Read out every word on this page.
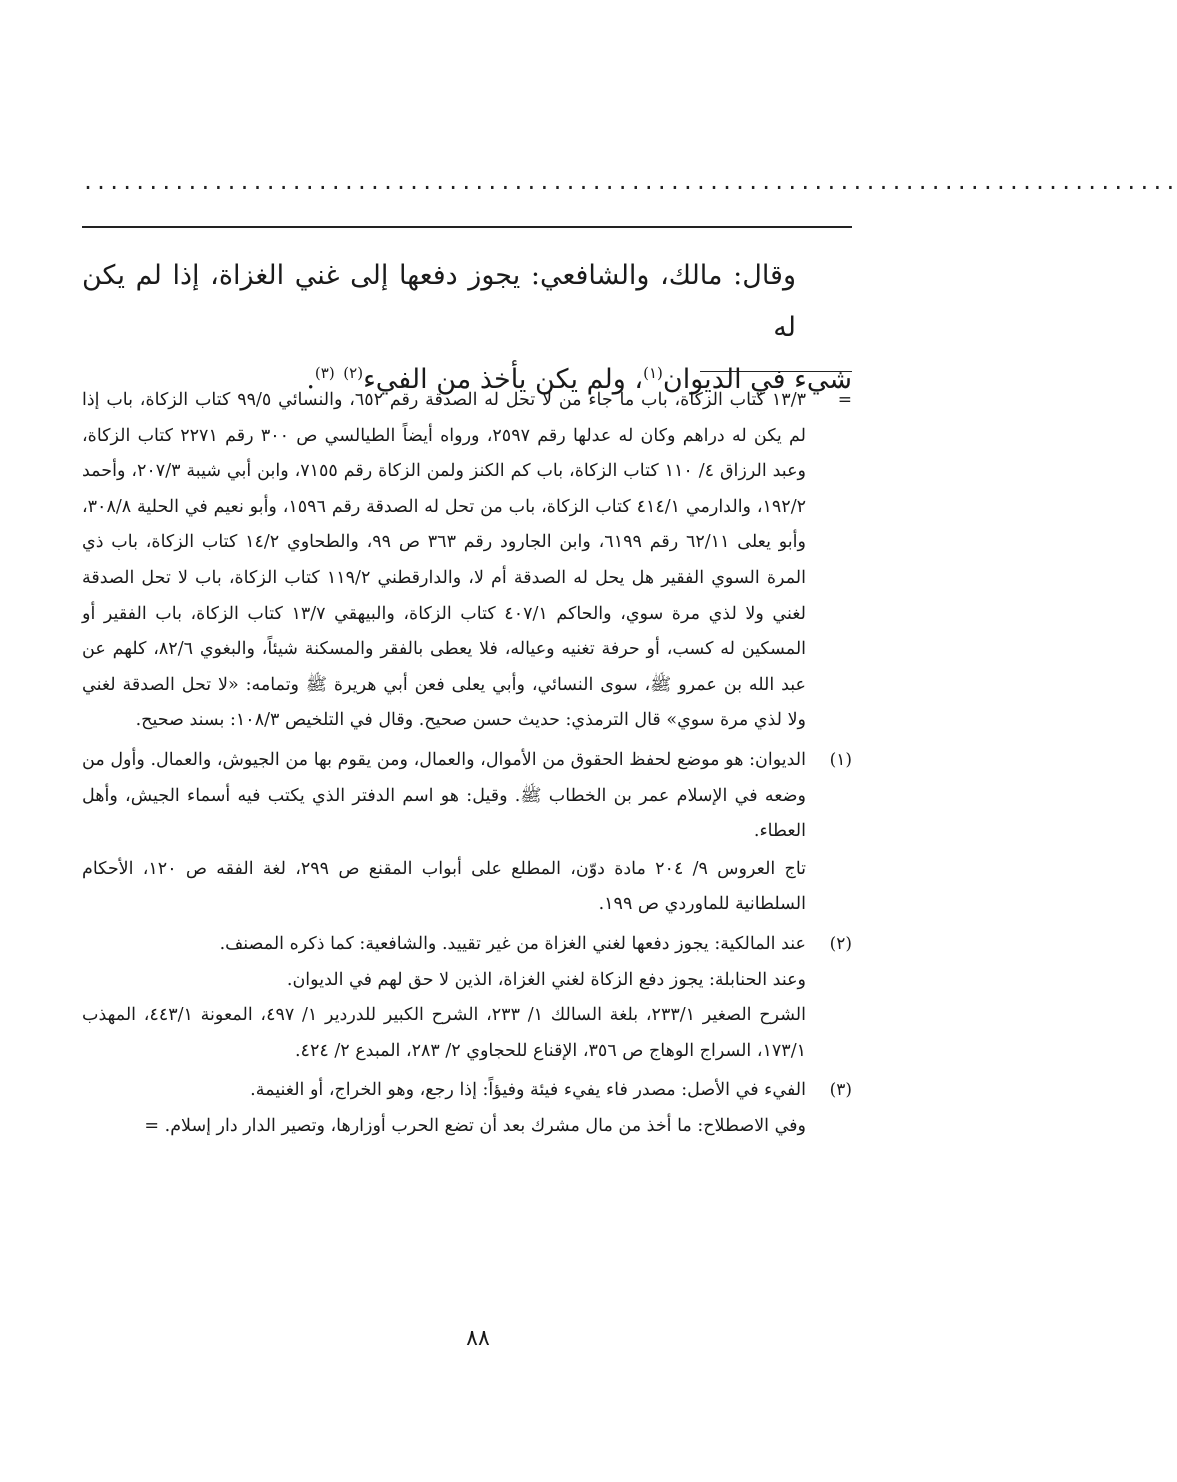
....................................................................................

وقال: مالك، والشافعي: يجوز دفعها إلى غني الغزاة، إذا لم يكن له

شيء في الديوان$^{(١)}$، ولم يكن يأخذ من الفيء$^{(٢)}$ $^{(٣)}$.

=

١٣/٣ كتاب الزكاة، باب ما جاء من لا تحل له الصدقة رقم ٦٥٢، والنسائي ٩٩/٥ كتاب الزكاة، باب إذا لم يكن له دراهم وكان له عدلها رقم ٢٥٩٧، ورواه أيضاً الطيالسي ص ٣٠٠ رقم ٢٢٧١ كتاب الزكاة، وعبد الرزاق ٤/ ١١٠ كتاب الزكاة، باب كم الكنز ولمن الزكاة رقم ٧١٥٥، وابن أبي شيبة ٢٠٧/٣، وأحمد ١٩٢/٢، والدارمي ٤١٤/١ كتاب الزكاة، باب من تحل له الصدقة رقم ١٥٩٦، وأبو نعيم في الحلية ٣٠٨/٨، وأبو يعلى ٦٢/١١ رقم ٦١٩٩، وابن الجارود رقم ٣٦٣ ص ٩٩، والطحاوي ١٤/٢ كتاب الزكاة، باب ذي المرة السوي الفقير هل يحل له الصدقة أم لا، والدارقطني ١١٩/٢ كتاب الزكاة، باب لا تحل الصدقة لغني ولا لذي مرة سوي، والحاكم ٤٠٧/١ كتاب الزكاة، والبيهقي ١٣/٧ كتاب الزكاة، باب الفقير أو المسكين له كسب، أو حرفة تغنيه وعياله، فلا يعطى بالفقر والمسكنة شيئاً، والبغوي ٨٢/٦، كلهم عن عبد الله بن عمرو ﷺ، سوى النسائي، وأبي يعلى فعن أبي هريرة ﷺ وتمامه: «لا تحل الصدقة لغني ولا لذي مرة سوي» قال الترمذي: حديث حسن صحيح. وقال في التلخيص ١٠٨/٣: بسند صحيح.

(١)

الديوان: هو موضع لحفظ الحقوق من الأموال، والعمال، ومن يقوم بها من الجيوش، والعمال. وأول من وضعه في الإسلام عمر بن الخطاب ﷺ. وقيل: هو اسم الدفتر الذي يكتب فيه أسماء الجيش، وأهل العطاء.

تاج العروس ٩/ ٢٠٤ مادة دوّن، المطلع على أبواب المقنع ص ٢٩٩، لغة الفقه ص ١٢٠، الأحكام السلطانية للماوردي ص ١٩٩.

(٢)

عند المالكية: يجوز دفعها لغني الغزاة من غير تقييد. والشافعية: كما ذكره المصنف.

وعند الحنابلة: يجوز دفع الزكاة لغني الغزاة، الذين لا حق لهم في الديوان.

الشرح الصغير ٢٣٣/١، بلغة السالك ١/ ٢٣٣، الشرح الكبير للدردير ١/ ٤٩٧، المعونة ٤٤٣/١، المهذب ١٧٣/١، السراج الوهاج ص ٣٥٦، الإقناع للحجاوي ٢/ ٢٨٣، المبدع ٢/ ٤٢٤.

(٣)

الفيء في الأصل: مصدر فاء يفيء فيئة وفيؤاً: إذا رجع، وهو الخراج، أو الغنيمة.

وفي الاصطلاح: ما أخذ من مال مشرك بعد أن تضع الحرب أوزارها، وتصير الدار دار إسلام. =

٨٨
